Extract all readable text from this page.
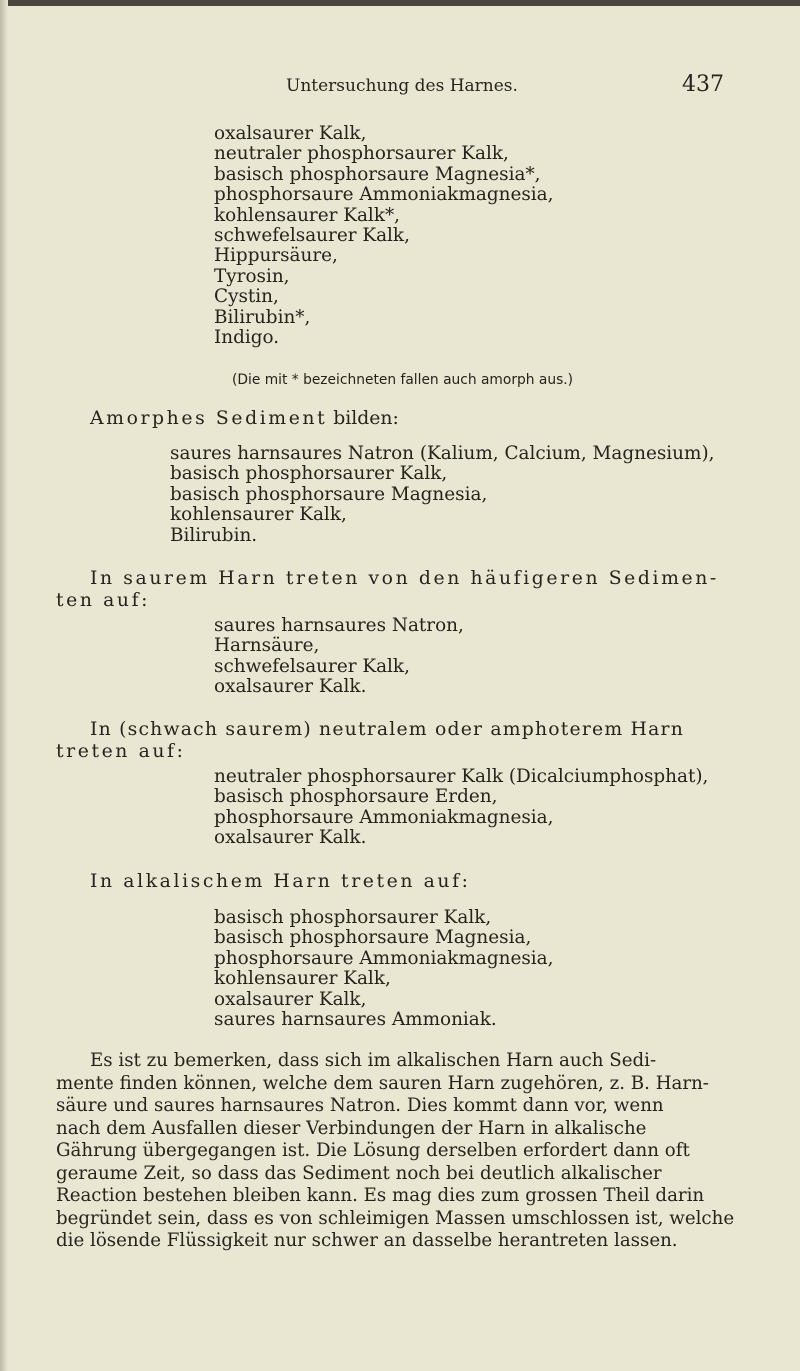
Untersuchung des Harnes.	437
oxalsaurer Kalk,
neutraler phosphorsaurer Kalk,
basisch phosphorsaure Magnesia*,
phosphorsaure Ammoniakmagnesia,
kohlensaurer Kalk*,
schwefelsaurer Kalk,
Hippursäure,
Tyrosin,
Cystin,
Bilirubin*,
Indigo.
(Die mit * bezeichneten fallen auch amorph aus.)
Amorphes Sediment bilden:
saures harnsaures Natron (Kalium, Calcium, Magnesium),
basisch phosphorsaurer Kalk,
basisch phosphorsaure Magnesia,
kohlensaurer Kalk,
Bilirubin.
In saurem Harn treten von den häufigeren Sedimen-
ten auf:
saures harnsaures Natron,
Harnsäure,
schwefelsaurer Kalk,
oxalsaurer Kalk.
In (schwach saurem) neutralem oder amphoterem Harn
treten auf:
neutraler phosphorsaurer Kalk (Dicalciumphosphat),
basisch phosphorsaure Erden,
phosphorsaure Ammoniakmagnesia,
oxalsaurer Kalk.
In alkalischem Harn treten auf:
basisch phosphorsaurer Kalk,
basisch phosphorsaure Magnesia,
phosphorsaure Ammoniakmagnesia,
kohlensaurer Kalk,
oxalsaurer Kalk,
saures harnsaures Ammoniak.
Es ist zu bemerken, dass sich im alkalischen Harn auch Sedi-
mente finden können, welche dem sauren Harn zugehören, z. B. Harn-
säure und saures harnsaures Natron. Dies kommt dann vor, wenn
nach dem Ausfallen dieser Verbindungen der Harn in alkalische
Gährung übergegangen ist. Die Lösung derselben erfordert dann oft
geraume Zeit, so dass das Sediment noch bei deutlich alkalischer
Reaction bestehen bleiben kann. Es mag dies zum grossen Theil darin
begründet sein, dass es von schleimigen Massen umschlossen ist, welche
die lösende Flüssigkeit nur schwer an dasselbe herantreten lassen.
